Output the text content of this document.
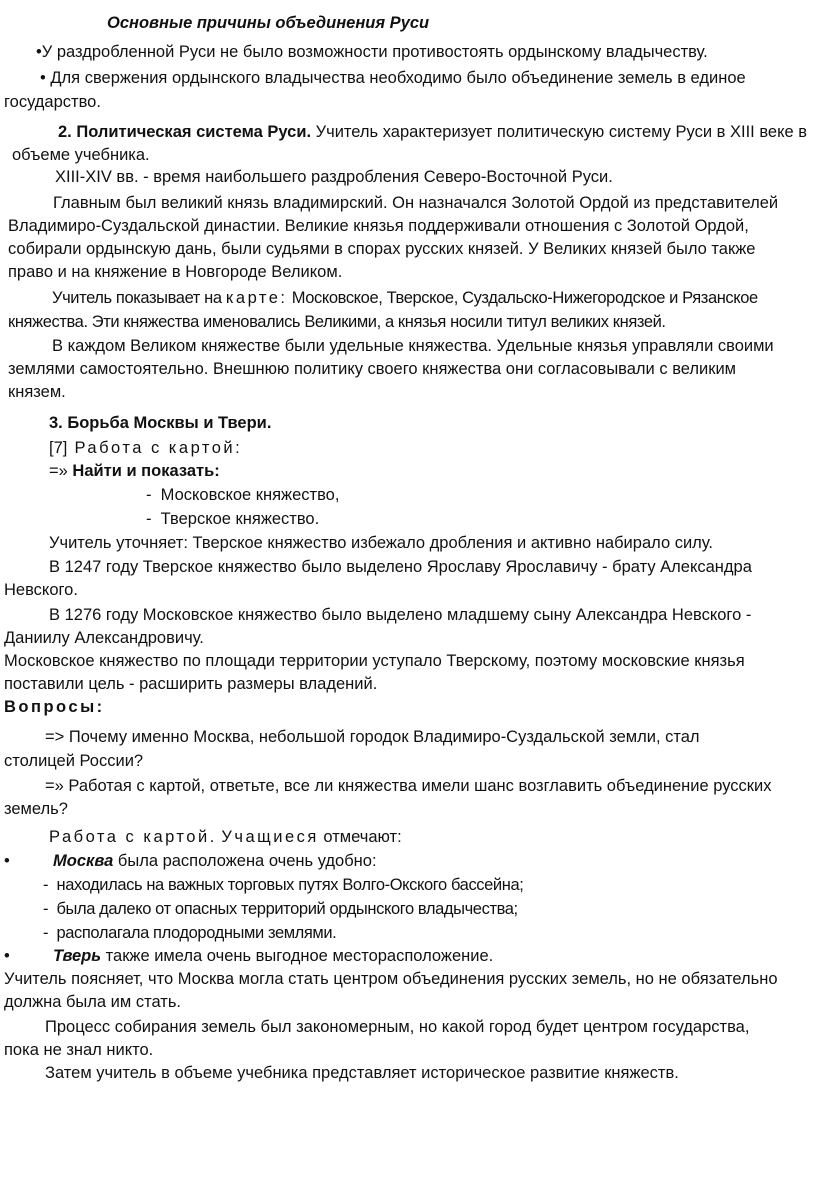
Основные причины объединения Руси
•У раздробленной Руси не было возможности противостоять ордынскому владычеству.
• Для свержения ордынского владычества необходимо было объединение земель в единое
государство.
2. Политическая система Руси. Учитель характеризует политическую систему Руси в XIII веке в
объеме учебника.
XIII-XIV вв. - время наибольшего раздробления Северо-Восточной Руси.
Главным был великий князь владимирский. Он назначался Золотой Ордой из представителей
Владимиро-Суздальской династии. Великие князья поддерживали отношения с Золотой Ордой,
собирали ордынскую дань, были судьями в спорах русских князей. У Великих князей было также
право и на княжение в Новгороде Великом.
Учитель показывает на карте: Московское, Тверское, Суздальско-Нижегородское и Рязанское
княжества. Эти княжества именовались Великими, а князья носили титул великих князей.
В каждом Великом княжестве были удельные княжества. Удельные князья управляли своими
землями самостоятельно. Внешнюю политику своего княжества они согласовывали с великим
князем.
3. Борьба Москвы и Твери.
[7] Работа с картой:
=» Найти и показать:
- Московское княжество,
- Тверское княжество.
Учитель уточняет: Тверское княжество избежало дробления и активно набирало силу.
В 1247 году Тверское княжество было выделено Ярославу Ярославичу - брату Александра
Невского.
В 1276 году Московское княжество было выделено младшему сыну Александра Невского -
Даниилу Александровичу.
Московское княжество по площади территории уступало Тверскому, поэтому московские князья
поставили цель - расширить размеры владений.
Вопросы:
=> Почему именно Москва, небольшой городок Владимиро-Суздальской земли, стал
столицей России?
=» Работая с картой, ответьте, все ли княжества имели шанс возглавить объединение русских
земель?
Работа с картой. Учащиеся отмечают:
•	Москва была расположена очень удобно:
- находилась на важных торговых путях Волго-Окского бассейна;
- была далеко от опасных территорий ордынского владычества;
- располагала плодородными землями.
•	Тверь также имела очень выгодное месторасположение.
Учитель поясняет, что Москва могла стать центром объединения русских земель, но не обязательно
должна была им стать.
Процесс собирания земель был закономерным, но какой город будет центром государства,
пока не знал никто.
Затем учитель в объеме учебника представляет историческое развитие княжеств.
